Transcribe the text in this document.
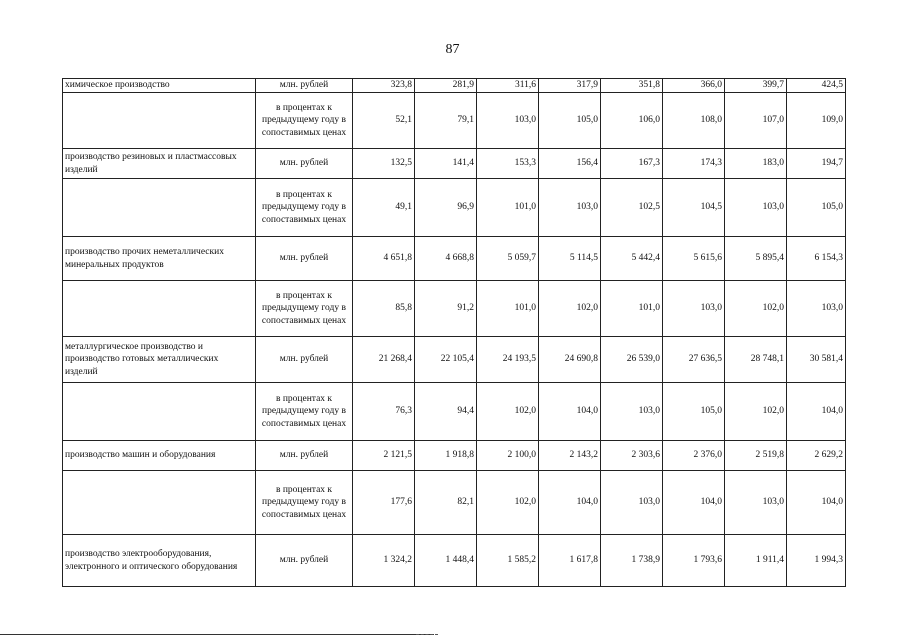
87
химическое производство	млн. рублей	323,8	281,9	311,6	317,9	351,8	366,0	399,7	424,5
	в процентах к предыдущему году в сопоставимых ценах	52,1	79,1	103,0	105,0	106,0	108,0	107,0	109,0
производство резиновых и пластмассовых изделий	млн. рублей	132,5	141,4	153,3	156,4	167,3	174,3	183,0	194,7
	в процентах к предыдущему году в сопоставимых ценах	49,1	96,9	101,0	103,0	102,5	104,5	103,0	105,0
производство прочих неметаллических минеральных продуктов	млн. рублей	4 651,8	4 668,8	5 059,7	5 114,5	5 442,4	5 615,6	5 895,4	6 154,3
	в процентах к предыдущему году в сопоставимых ценах	85,8	91,2	101,0	102,0	101,0	103,0	102,0	103,0
металлургическое производство и производство готовых металлических изделий	млн. рублей	21 268,4	22 105,4	24 193,5	24 690,8	26 539,0	27 636,5	28 748,1	30 581,4
	в процентах к предыдущему году в сопоставимых ценах	76,3	94,4	102,0	104,0	103,0	105,0	102,0	104,0
производство машин и оборудования	млн. рублей	2 121,5	1 918,8	2 100,0	2 143,2	2 303,6	2 376,0	2 519,8	2 629,2
	в процентах к предыдущему году в сопоставимых ценах	177,6	82,1	102,0	104,0	103,0	104,0	103,0	104,0
производство электрооборудования, электронного и оптического оборудования	млн. рублей	1 324,2	1 448,4	1 585,2	1 617,8	1 738,9	1 793,6	1 911,4	1 994,3
